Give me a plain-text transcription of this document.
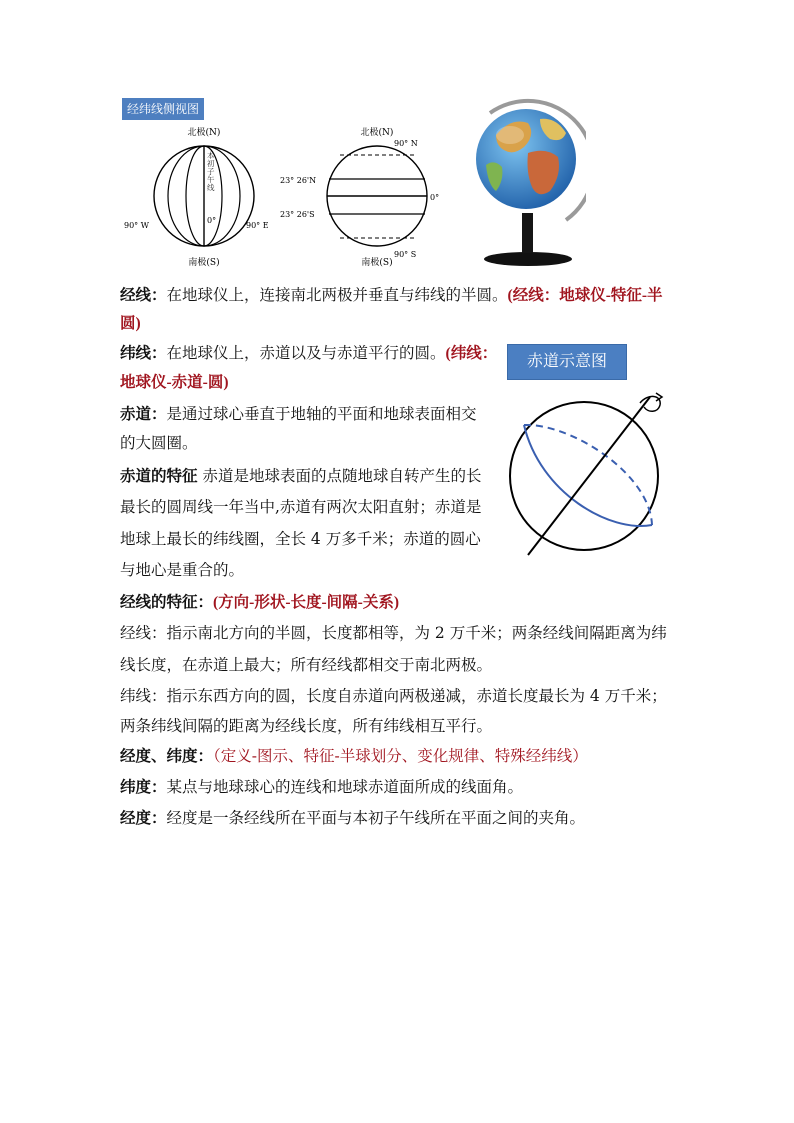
经纬线侧视图
北极(N)
本初子午线
0°
90° W	90° E
南极(S)
北极(N)
90° N
23° 26'N
0°
23° 26'S
90° S
南极(S)
经线：在地球仪上，连接南北两极并垂直与纬线的半圆。(经线：地球仪-特征-半
圆)
纬线：在地球仪上，赤道以及与赤道平行的圆。(纬线：
地球仪-赤道-圆)
赤道示意图
赤道：是通过球心垂直于地轴的平面和地球表面相交
的大圆圈。
赤道的特征 赤道是地球表面的点随地球自转产生的长
最长的圆周线一年当中,赤道有两次太阳直射；赤道是
地球上最长的纬线圈，全长 4 万多千米；赤道的圆心
与地心是重合的。
经线的特征：(方向-形状-长度-间隔-关系)
经线：指示南北方向的半圆，长度都相等，为 2 万千米；两条经线间隔距离为纬
线长度，在赤道上最大；所有经线都相交于南北两极。
纬线：指示东西方向的圆，长度自赤道向两极递减，赤道长度最长为 4 万千米；
两条纬线间隔的距离为经线长度，所有纬线相互平行。
经度、纬度：（定义-图示、特征-半球划分、变化规律、特殊经纬线）
纬度：某点与地球球心的连线和地球赤道面所成的线面角。
经度：经度是一条经线所在平面与本初子午线所在平面之间的夹角。
